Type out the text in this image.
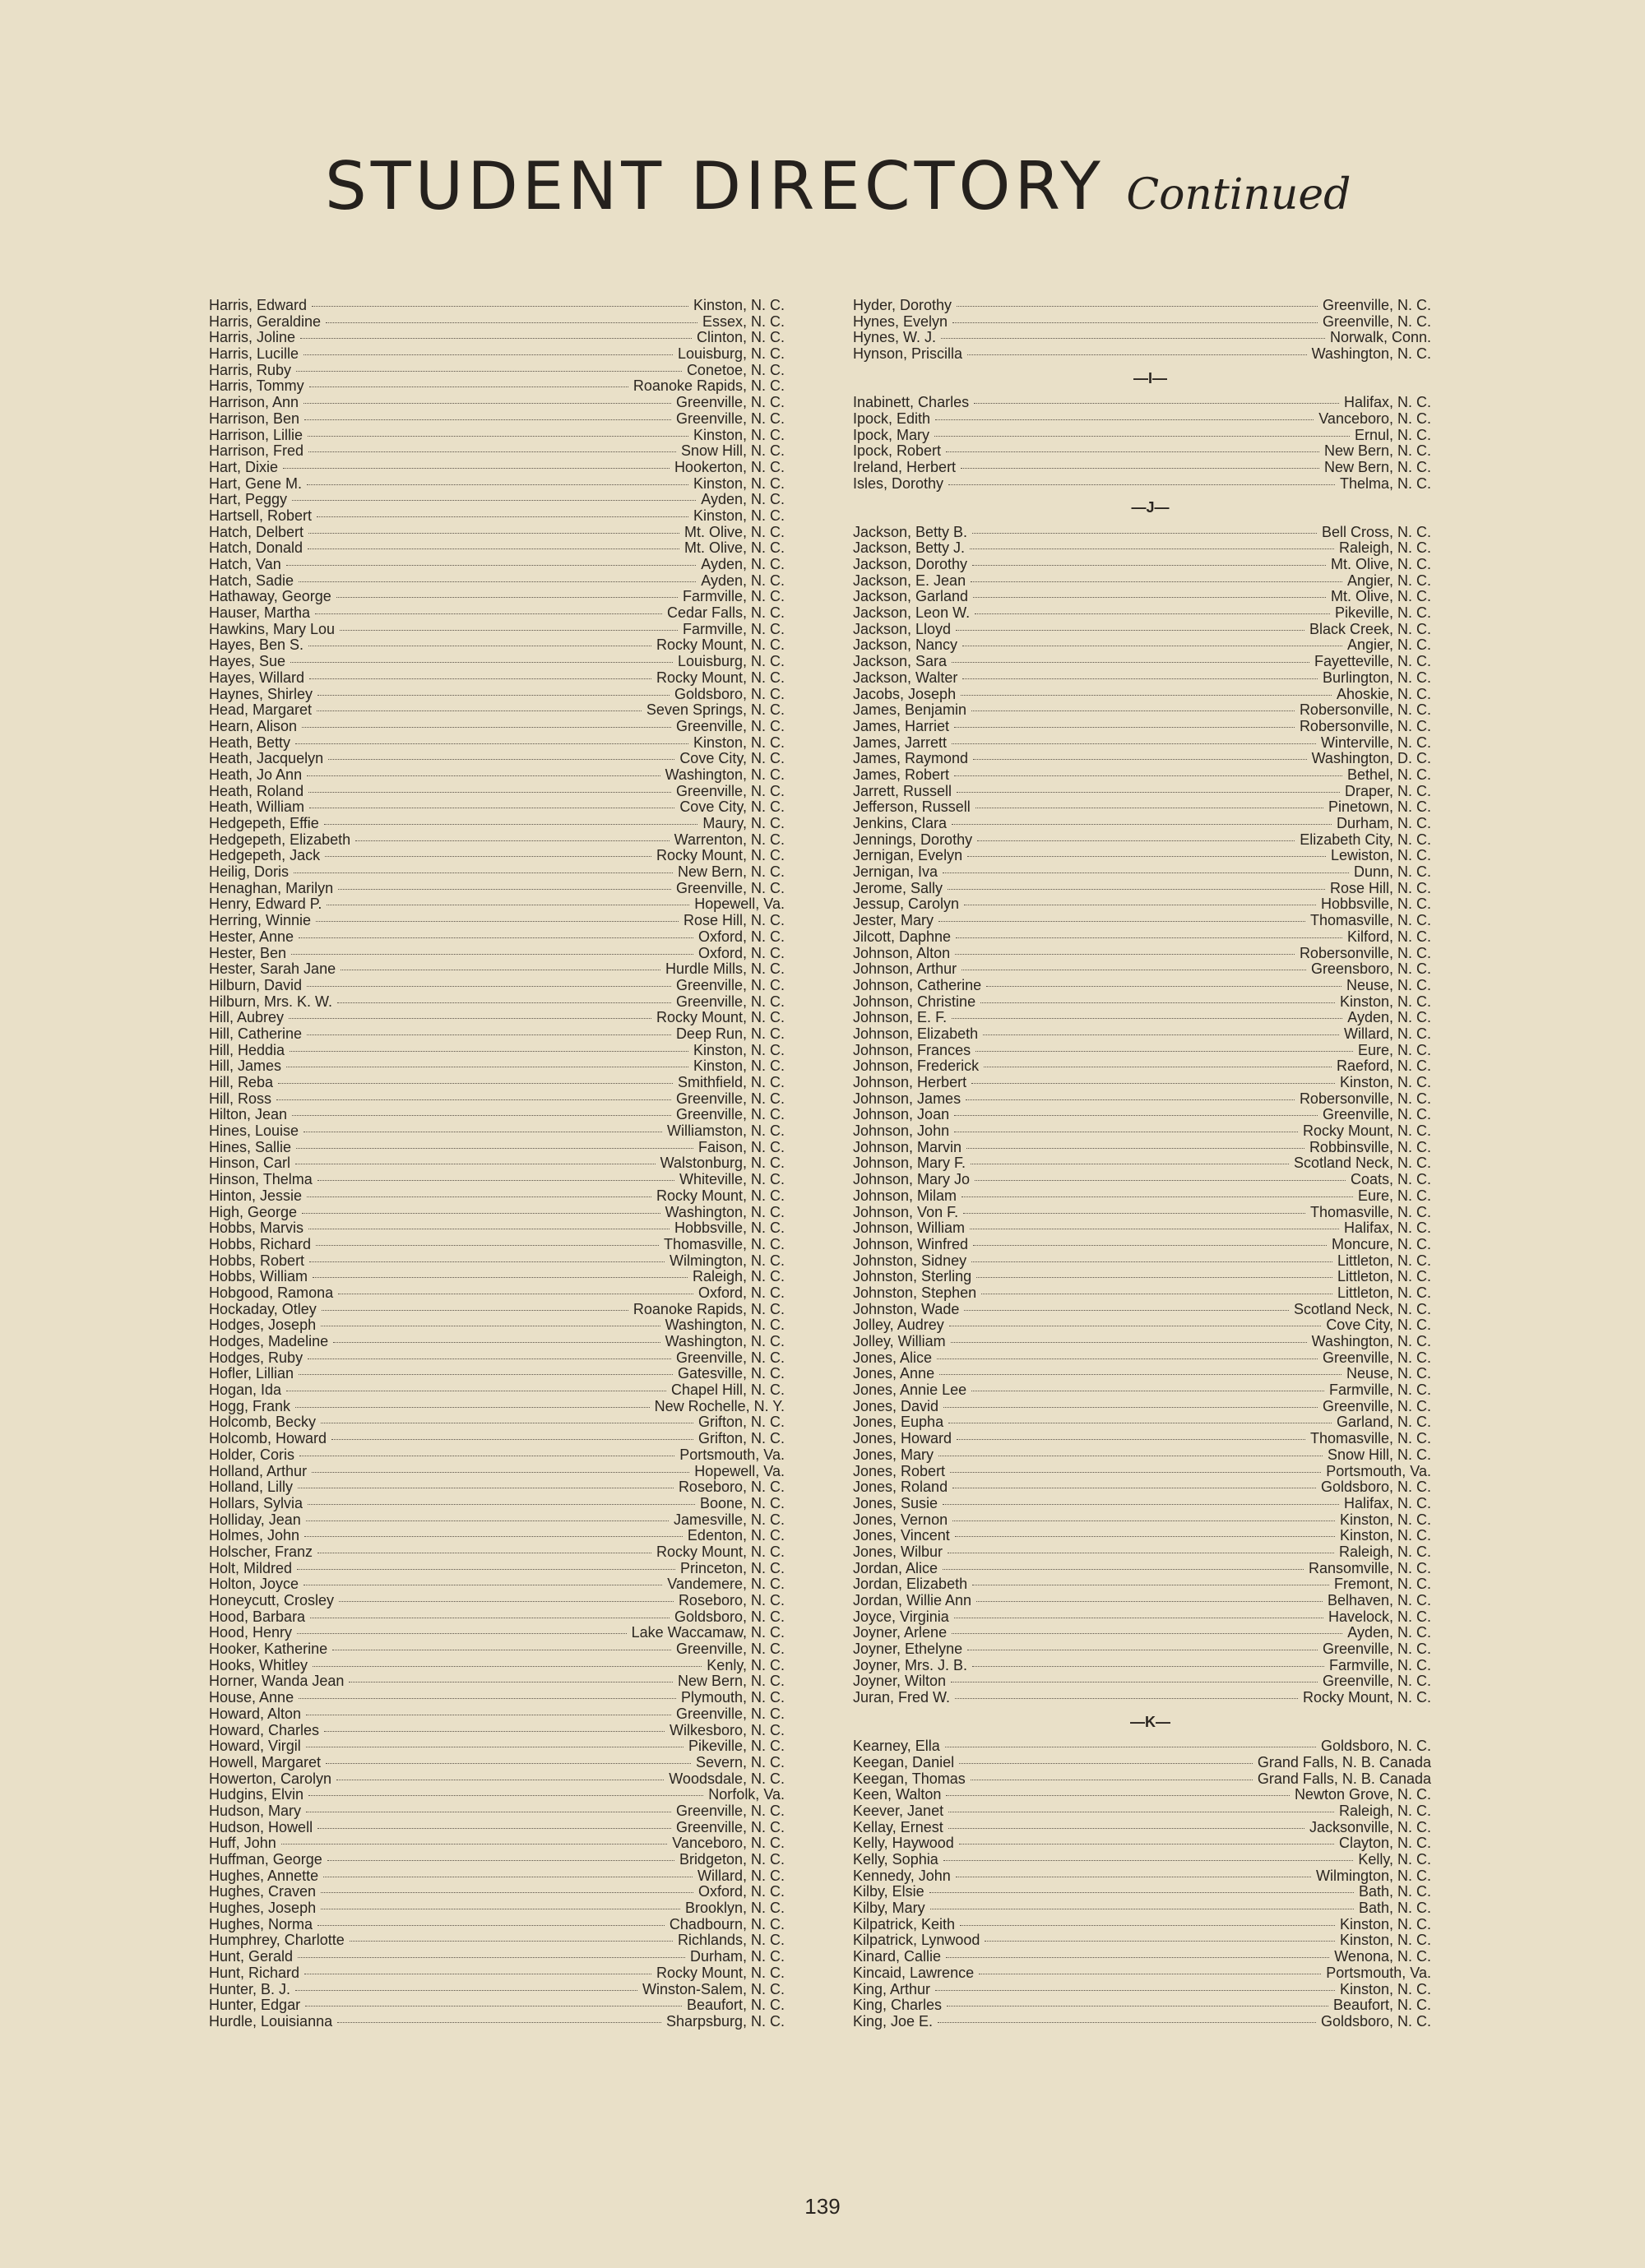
STUDENT DIRECTORY Continued
Harris, Edward	Kinston, N. C.
Harris, Geraldine	Essex, N. C.
Harris, Joline	Clinton, N. C.
Harris, Lucille	Louisburg, N. C.
Harris, Ruby	Conetoe, N. C.
Harris, Tommy	Roanoke Rapids, N. C.
Harrison, Ann	Greenville, N. C.
Harrison, Ben	Greenville, N. C.
Harrison, Lillie	Kinston, N. C.
Harrison, Fred	Snow Hill, N. C.
Hart, Dixie	Hookerton, N. C.
Hart, Gene M.	Kinston, N. C.
Hart, Peggy	Ayden, N. C.
Hartsell, Robert	Kinston, N. C.
Hatch, Delbert	Mt. Olive, N. C.
Hatch, Donald	Mt. Olive, N. C.
Hatch, Van	Ayden, N. C.
Hatch, Sadie	Ayden, N. C.
Hathaway, George	Farmville, N. C.
Hauser, Martha	Cedar Falls, N. C.
Hawkins, Mary Lou	Farmville, N. C.
Hayes, Ben S.	Rocky Mount, N. C.
Hayes, Sue	Louisburg, N. C.
Hayes, Willard	Rocky Mount, N. C.
Haynes, Shirley	Goldsboro, N. C.
Head, Margaret	Seven Springs, N. C.
Hearn, Alison	Greenville, N. C.
Heath, Betty	Kinston, N. C.
Heath, Jacquelyn	Cove City, N. C.
Heath, Jo Ann	Washington, N. C.
Heath, Roland	Greenville, N. C.
Heath, William	Cove City, N. C.
Hedgepeth, Effie	Maury, N. C.
Hedgepeth, Elizabeth	Warrenton, N. C.
Hedgepeth, Jack	Rocky Mount, N. C.
Heilig, Doris	New Bern, N. C.
Henaghan, Marilyn	Greenville, N. C.
Henry, Edward P.	Hopewell, Va.
Herring, Winnie	Rose Hill, N. C.
Hester, Anne	Oxford, N. C.
Hester, Ben	Oxford, N. C.
Hester, Sarah Jane	Hurdle Mills, N. C.
Hilburn, David	Greenville, N. C.
Hilburn, Mrs. K. W.	Greenville, N. C.
Hill, Aubrey	Rocky Mount, N. C.
Hill, Catherine	Deep Run, N. C.
Hill, Heddia	Kinston, N. C.
Hill, James	Kinston, N. C.
Hill, Reba	Smithfield, N. C.
Hill, Ross	Greenville, N. C.
Hilton, Jean	Greenville, N. C.
Hines, Louise	Williamston, N. C.
Hines, Sallie	Faison, N. C.
Hinson, Carl	Walstonburg, N. C.
Hinson, Thelma	Whiteville, N. C.
Hinton, Jessie	Rocky Mount, N. C.
High, George	Washington, N. C.
Hobbs, Marvis	Hobbsville, N. C.
Hobbs, Richard	Thomasville, N. C.
Hobbs, Robert	Wilmington, N. C.
Hobbs, William	Raleigh, N. C.
Hobgood, Ramona	Oxford, N. C.
Hockaday, Otley	Roanoke Rapids, N. C.
Hodges, Joseph	Washington, N. C.
Hodges, Madeline	Washington, N. C.
Hodges, Ruby	Greenville, N. C.
Hofler, Lillian	Gatesville, N. C.
Hogan, Ida	Chapel Hill, N. C.
Hogg, Frank	New Rochelle, N. Y.
Holcomb, Becky	Grifton, N. C.
Holcomb, Howard	Grifton, N. C.
Holder, Coris	Portsmouth, Va.
Holland, Arthur	Hopewell, Va.
Holland, Lilly	Roseboro, N. C.
Hollars, Sylvia	Boone, N. C.
Holliday, Jean	Jamesville, N. C.
Holmes, John	Edenton, N. C.
Holscher, Franz	Rocky Mount, N. C.
Holt, Mildred	Princeton, N. C.
Holton, Joyce	Vandemere, N. C.
Honeycutt, Crosley	Roseboro, N. C.
Hood, Barbara	Goldsboro, N. C.
Hood, Henry	Lake Waccamaw, N. C.
Hooker, Katherine	Greenville, N. C.
Hooks, Whitley	Kenly, N. C.
Horner, Wanda Jean	New Bern, N. C.
House, Anne	Plymouth, N. C.
Howard, Alton	Greenville, N. C.
Howard, Charles	Wilkesboro, N. C.
Howard, Virgil	Pikeville, N. C.
Howell, Margaret	Severn, N. C.
Howerton, Carolyn	Woodsdale, N. C.
Hudgins, Elvin	Norfolk, Va.
Hudson, Mary	Greenville, N. C.
Hudson, Howell	Greenville, N. C.
Huff, John	Vanceboro, N. C.
Huffman, George	Bridgeton, N. C.
Hughes, Annette	Willard, N. C.
Hughes, Craven	Oxford, N. C.
Hughes, Joseph	Brooklyn, N. C.
Hughes, Norma	Chadbourn, N. C.
Humphrey, Charlotte	Richlands, N. C.
Hunt, Gerald	Durham, N. C.
Hunt, Richard	Rocky Mount, N. C.
Hunter, B. J.	Winston-Salem, N. C.
Hunter, Edgar	Beaufort, N. C.
Hurdle, Louisianna	Sharpsburg, N. C.
Hyder, Dorothy	Greenville, N. C.
Hynes, Evelyn	Greenville, N. C.
Hynes, W. J.	Norwalk, Conn.
Hynson, Priscilla	Washington, N. C.
—I—
Inabinett, Charles	Halifax, N. C.
Ipock, Edith	Vanceboro, N. C.
Ipock, Mary	Ernul, N. C.
Ipock, Robert	New Bern, N. C.
Ireland, Herbert	New Bern, N. C.
Isles, Dorothy	Thelma, N. C.
—J—
Jackson, Betty B.	Bell Cross, N. C.
Jackson, Betty J.	Raleigh, N. C.
Jackson, Dorothy	Mt. Olive, N. C.
Jackson, E. Jean	Angier, N. C.
Jackson, Garland	Mt. Olive, N. C.
Jackson, Leon W.	Pikeville, N. C.
Jackson, Lloyd	Black Creek, N. C.
Jackson, Nancy	Angier, N. C.
Jackson, Sara	Fayetteville, N. C.
Jackson, Walter	Burlington, N. C.
Jacobs, Joseph	Ahoskie, N. C.
James, Benjamin	Robersonville, N. C.
James, Harriet	Robersonville, N. C.
James, Jarrett	Winterville, N. C.
James, Raymond	Washington, D. C.
James, Robert	Bethel, N. C.
Jarrett, Russell	Draper, N. C.
Jefferson, Russell	Pinetown, N. C.
Jenkins, Clara	Durham, N. C.
Jennings, Dorothy	Elizabeth City, N. C.
Jernigan, Evelyn	Lewiston, N. C.
Jernigan, Iva	Dunn, N. C.
Jerome, Sally	Rose Hill, N. C.
Jessup, Carolyn	Hobbsville, N. C.
Jester, Mary	Thomasville, N. C.
Jilcott, Daphne	Kilford, N. C.
Johnson, Alton	Robersonville, N. C.
Johnson, Arthur	Greensboro, N. C.
Johnson, Catherine	Neuse, N. C.
Johnson, Christine	Kinston, N. C.
Johnson, E. F.	Ayden, N. C.
Johnson, Elizabeth	Willard, N. C.
Johnson, Frances	Eure, N. C.
Johnson, Frederick	Raeford, N. C.
Johnson, Herbert	Kinston, N. C.
Johnson, James	Robersonville, N. C.
Johnson, Joan	Greenville, N. C.
Johnson, John	Rocky Mount, N. C.
Johnson, Marvin	Robbinsville, N. C.
Johnson, Mary F.	Scotland Neck, N. C.
Johnson, Mary Jo	Coats, N. C.
Johnson, Milam	Eure, N. C.
Johnson, Von F.	Thomasville, N. C.
Johnson, William	Halifax, N. C.
Johnson, Winfred	Moncure, N. C.
Johnston, Sidney	Littleton, N. C.
Johnston, Sterling	Littleton, N. C.
Johnston, Stephen	Littleton, N. C.
Johnston, Wade	Scotland Neck, N. C.
Jolley, Audrey	Cove City, N. C.
Jolley, William	Washington, N. C.
Jones, Alice	Greenville, N. C.
Jones, Anne	Neuse, N. C.
Jones, Annie Lee	Farmville, N. C.
Jones, David	Greenville, N. C.
Jones, Eupha	Garland, N. C.
Jones, Howard	Thomasville, N. C.
Jones, Mary	Snow Hill, N. C.
Jones, Robert	Portsmouth, Va.
Jones, Roland	Goldsboro, N. C.
Jones, Susie	Halifax, N. C.
Jones, Vernon	Kinston, N. C.
Jones, Vincent	Kinston, N. C.
Jones, Wilbur	Raleigh, N. C.
Jordan, Alice	Ransomville, N. C.
Jordan, Elizabeth	Fremont, N. C.
Jordan, Willie Ann	Belhaven, N. C.
Joyce, Virginia	Havelock, N. C.
Joyner, Arlene	Ayden, N. C.
Joyner, Ethelyne	Greenville, N. C.
Joyner, Mrs. J. B.	Farmville, N. C.
Joyner, Wilton	Greenville, N. C.
Juran, Fred W.	Rocky Mount, N. C.
—K—
Kearney, Ella	Goldsboro, N. C.
Keegan, Daniel	Grand Falls, N. B. Canada
Keegan, Thomas	Grand Falls, N. B. Canada
Keen, Walton	Newton Grove, N. C.
Keever, Janet	Raleigh, N. C.
Kellay, Ernest	Jacksonville, N. C.
Kelly, Haywood	Clayton, N. C.
Kelly, Sophia	Kelly, N. C.
Kennedy, John	Wilmington, N. C.
Kilby, Elsie	Bath, N. C.
Kilby, Mary	Bath, N. C.
Kilpatrick, Keith	Kinston, N. C.
Kilpatrick, Lynwood	Kinston, N. C.
Kinard, Callie	Wenona, N. C.
Kincaid, Lawrence	Portsmouth, Va.
King, Arthur	Kinston, N. C.
King, Charles	Beaufort, N. C.
King, Joe E.	Goldsboro, N. C.
139
